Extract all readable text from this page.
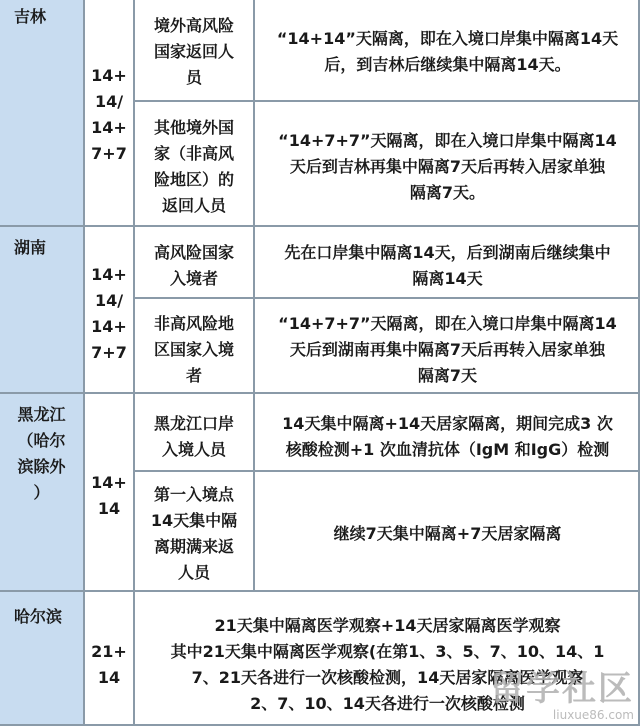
吉林
湖南
黑龙江
（哈尔
滨除外
）
哈尔滨
14+
14/
14+
7+7
14+
14/
14+
7+7
14+
14
21+
14
境外高风险
国家返回人
员
其他境外国
家（非高风
险地区）的
返回人员
高风险国家
入境者
非高风险地
区国家入境
者
黑龙江口岸
入境人员
第一入境点
14天集中隔
离期满来返
人员
“14+14”天隔离，即在入境口岸集中隔离14天
后，到吉林后继续集中隔离14天。
“14+7+7”天隔离，即在入境口岸集中隔离14
天后到吉林再集中隔离7天后再转入居家单独
隔离7天。
先在口岸集中隔离14天，后到湖南后继续集中
隔离14天
“14+7+7”天隔离，即在入境口岸集中隔离14
天后到湖南再集中隔离7天后再转入居家单独
隔离7天
14天集中隔离+14天居家隔离，期间完成3 次
核酸检测+1 次血清抗体（IgM 和IgG）检测
继续7天集中隔离+7天居家隔离
21天集中隔离医学观察+14天居家隔离医学观察
其中21天集中隔离医学观察(在第1、3、5、7、10、14、1
7、21天各进行一次核酸检测，14天居家隔离医学观察
2、7、10、14天各进行一次核酸检测
留学社区
liuxue86.com
